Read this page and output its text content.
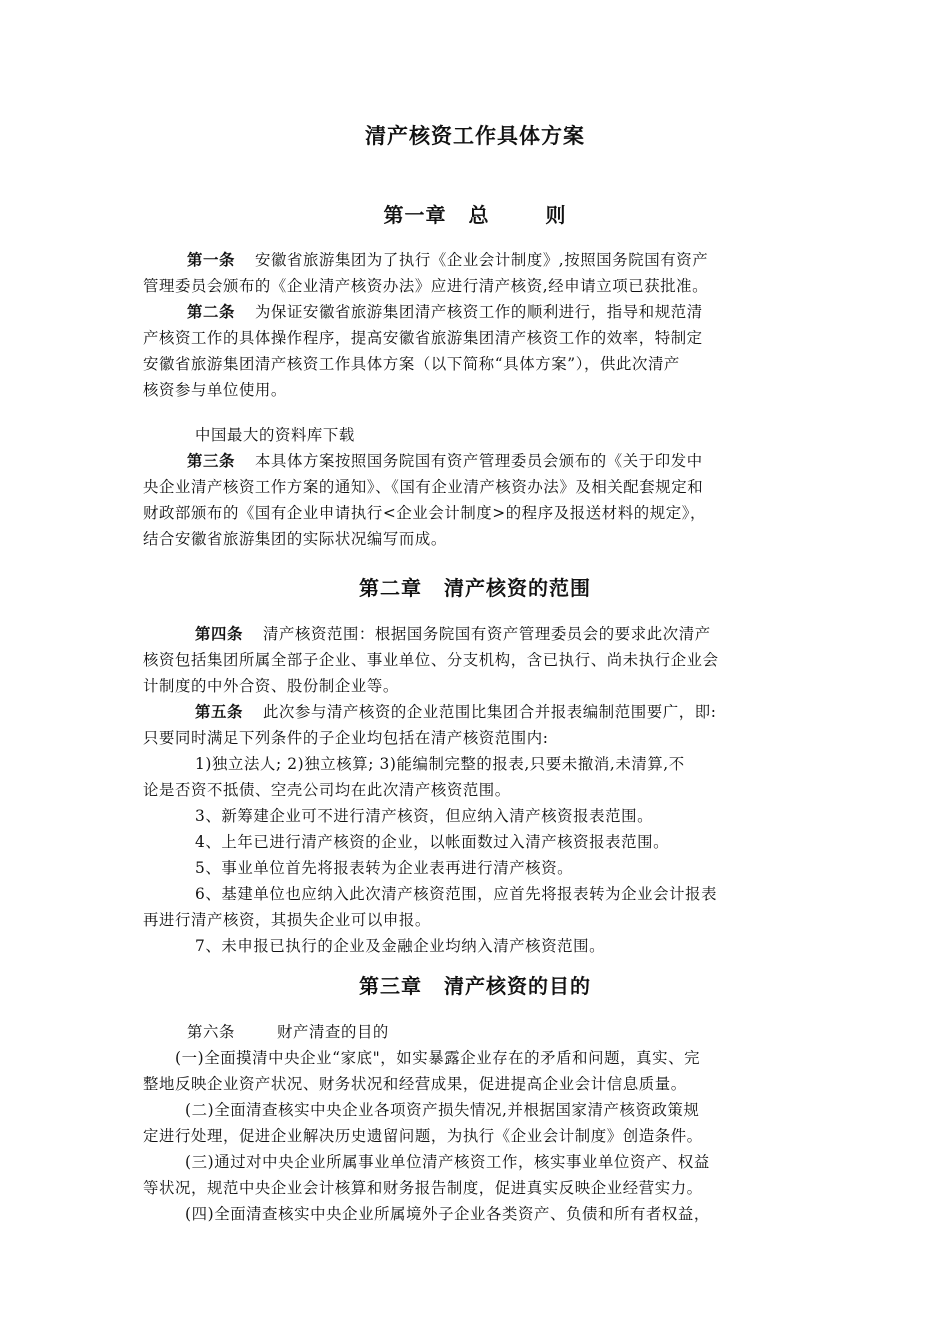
清产核资工作具体方案
第一章 总	则
第一条 安徽省旅游集团为了执行《企业会计制度》,按照国务院国有资产
管理委员会颁布的《企业清产核资办法》应进行清产核资,经申请立项已获批准。
第二条 为保证安徽省旅游集团清产核资工作的顺利进行，指导和规范清
产核资工作的具体操作程序，提高安徽省旅游集团清产核资工作的效率，特制定
安徽省旅游集团清产核资工作具体方案（以下简称“具体方案”），供此次清产
核资参与单位使用。
中国最大的资料库下载
第三条 本具体方案按照国务院国有资产管理委员会颁布的《关于印发中
央企业清产核资工作方案的通知》、《国有企业清产核资办法》及相关配套规定和
财政部颁布的《国有企业申请执行<企业会计制度>的程序及报送材料的规定》，
结合安徽省旅游集团的实际状况编写而成。
第二章 清产核资的范围
第四条 清产核资范围：根据国务院国有资产管理委员会的要求此次清产
核资包括集团所属全部子企业、事业单位、分支机构，含已执行、尚未执行企业会
计制度的中外合资、股份制企业等。
第五条 此次参与清产核资的企业范围比集团合并报表编制范围要广，即:
只要同时满足下列条件的子企业均包括在清产核资范围内:
1)独立法人; 2)独立核算; 3)能编制完整的报表,只要未撤消,未清算,不
论是否资不抵债、空壳公司均在此次清产核资范围。
3、新筹建企业可不进行清产核资，但应纳入清产核资报表范围。
4、上年已进行清产核资的企业，以帐面数过入清产核资报表范围。
5、事业单位首先将报表转为企业表再进行清产核资。
6、基建单位也应纳入此次清产核资范围，应首先将报表转为企业会计报表
再进行清产核资，其损失企业可以申报。
7、未申报已执行的企业及金融企业均纳入清产核资范围。
第三章 清产核资的目的
第六条	财产清查的目的
(一)全面摸清中央企业“家底"，如实暴露企业存在的矛盾和问题，真实、完
整地反映企业资产状况、财务状况和经营成果，促进提高企业会计信息质量。
(二)全面清查核实中央企业各项资产损失情况,并根据国家清产核资政策规
定进行处理，促进企业解决历史遗留问题，为执行《企业会计制度》创造条件。
(三)通过对中央企业所属事业单位清产核资工作，核实事业单位资产、权益
等状况，规范中央企业会计核算和财务报告制度，促进真实反映企业经营实力。
(四)全面清查核实中央企业所属境外子企业各类资产、负债和所有者权益，
